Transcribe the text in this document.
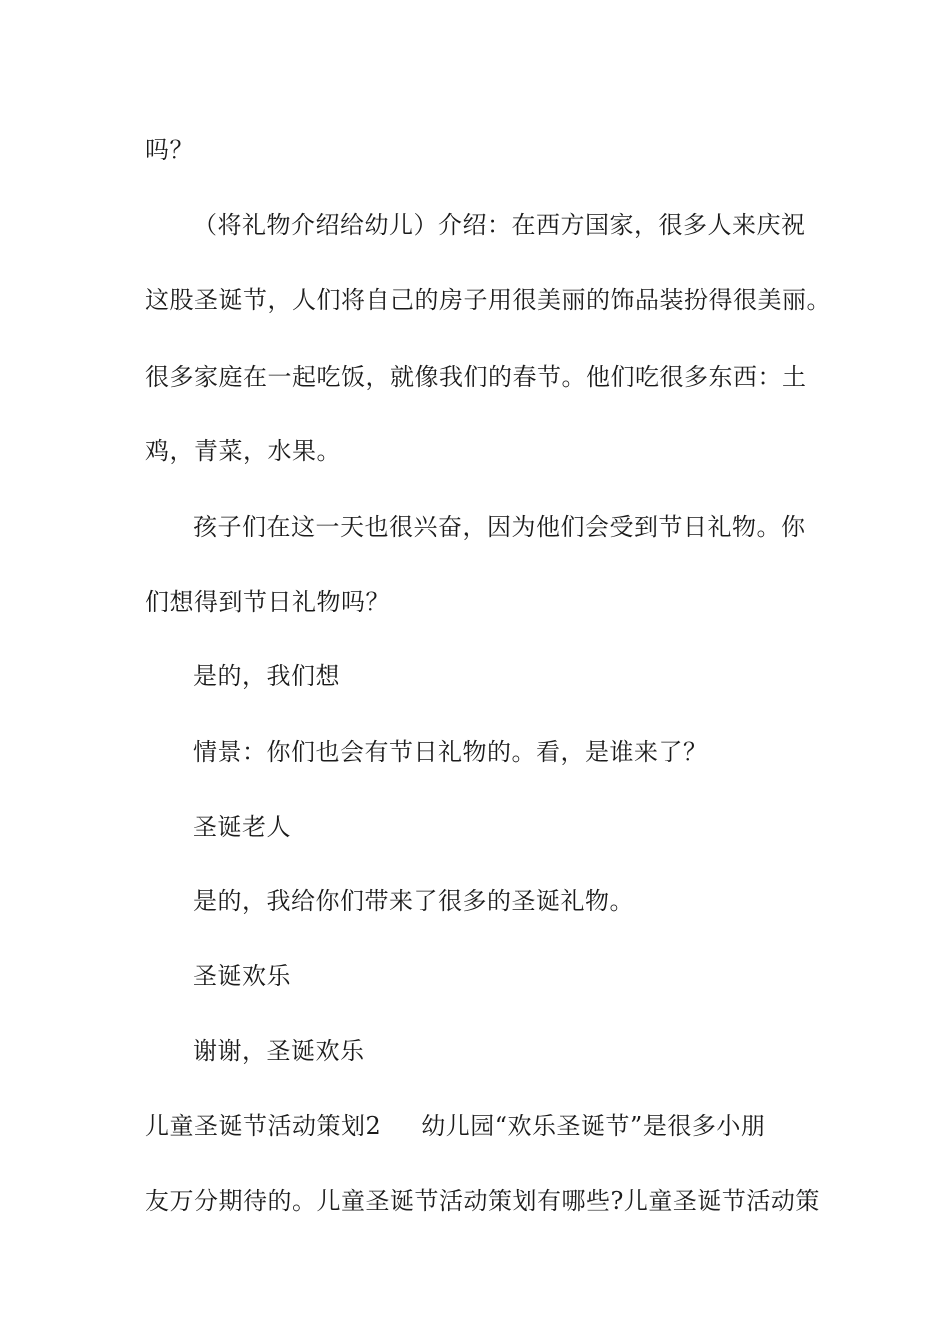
吗？
（将礼物介绍给幼儿）介绍：在西方国家，很多人来庆祝
这股圣诞节，人们将自己的房子用很美丽的饰品装扮得很美丽。
很多家庭在一起吃饭，就像我们的春节。他们吃很多东西：土
鸡，青菜，水果。
孩子们在这一天也很兴奋，因为他们会受到节日礼物。你
们想得到节日礼物吗？
是的，我们想
情景：你们也会有节日礼物的。看，是谁来了？
圣诞老人
是的，我给你们带来了很多的圣诞礼物。
圣诞欢乐
谢谢，圣诞欢乐
儿童圣诞节活动策划2 幼儿园“欢乐圣诞节”是很多小朋
友万分期待的。儿童圣诞节活动策划有哪些?儿童圣诞节活动策
